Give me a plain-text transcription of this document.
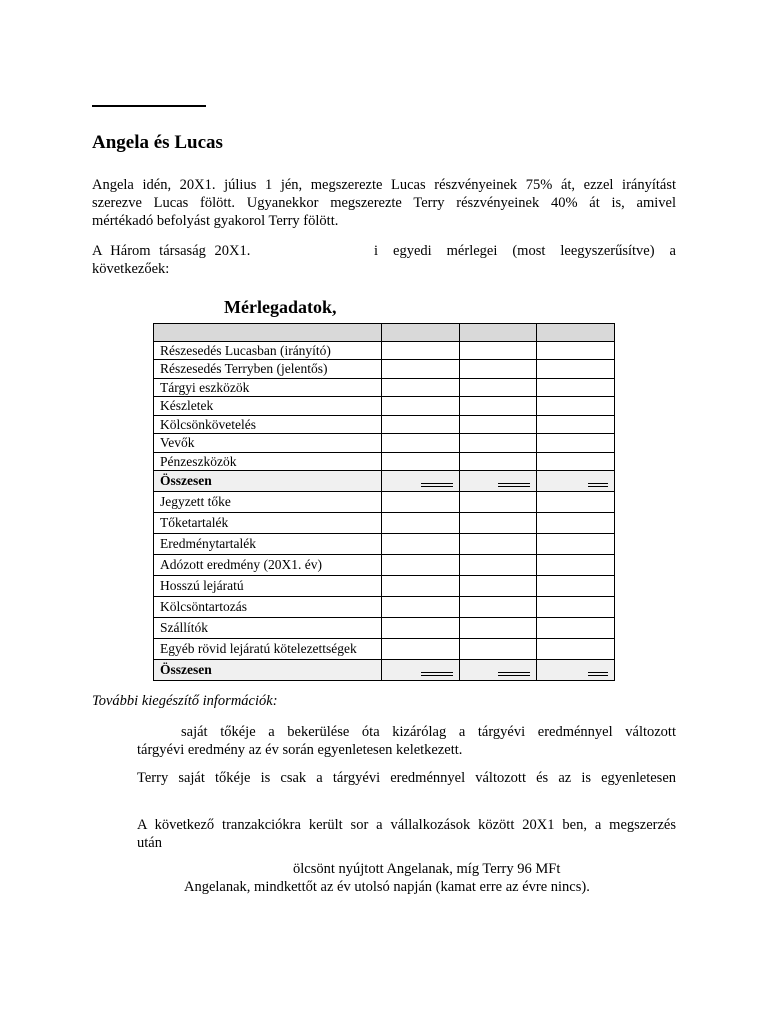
Angela és Lucas
Angela idén, 20X1. július 1 jén, megszerezte Lucas részvényeinek 75% át, ezzel irányítást
szerezve Lucas fölött. Ugyanekkor megszerezte Terry részvényeinek 40% át is, amivel
mértékadó befolyást gyakorol Terry fölött.
A Három társaság 20X1.	i egyedi mérlegei (most leegyszerűsítve) a
következőek:
Mérlegadatok,

Részesedés Lucasban (irányító)			
Részesedés Terryben (jelentős)			
Tárgyi eszközök			
Készletek			
Kölcsönkövetelés			
Vevők			
Pénzeszközök			
Összesen	

Jegyzett tőke			
Tőketartalék			
Eredménytartalék			
Adózott eredmény (20X1. év)			
Hosszú lejáratú			
Kölcsöntartozás			
Szállítók			
Egyéb rövid lejáratú kötelezettségek			
Összesen	

További kiegészítő információk:
saját tőkéje a bekerülése óta kizárólag a tárgyévi eredménnyel változott
tárgyévi eredmény az év során egyenletesen keletkezett.
Terry saját tőkéje is csak a tárgyévi eredménnyel változott és az is egyenletesen
A következő tranzakciókra került sor a vállalkozások között 20X1 ben, a megszerzés
után
ölcsönt nyújtott Angelanak, míg Terry 96 MFt
Angelanak, mindkettőt az év utolsó napján (kamat erre az évre nincs).
